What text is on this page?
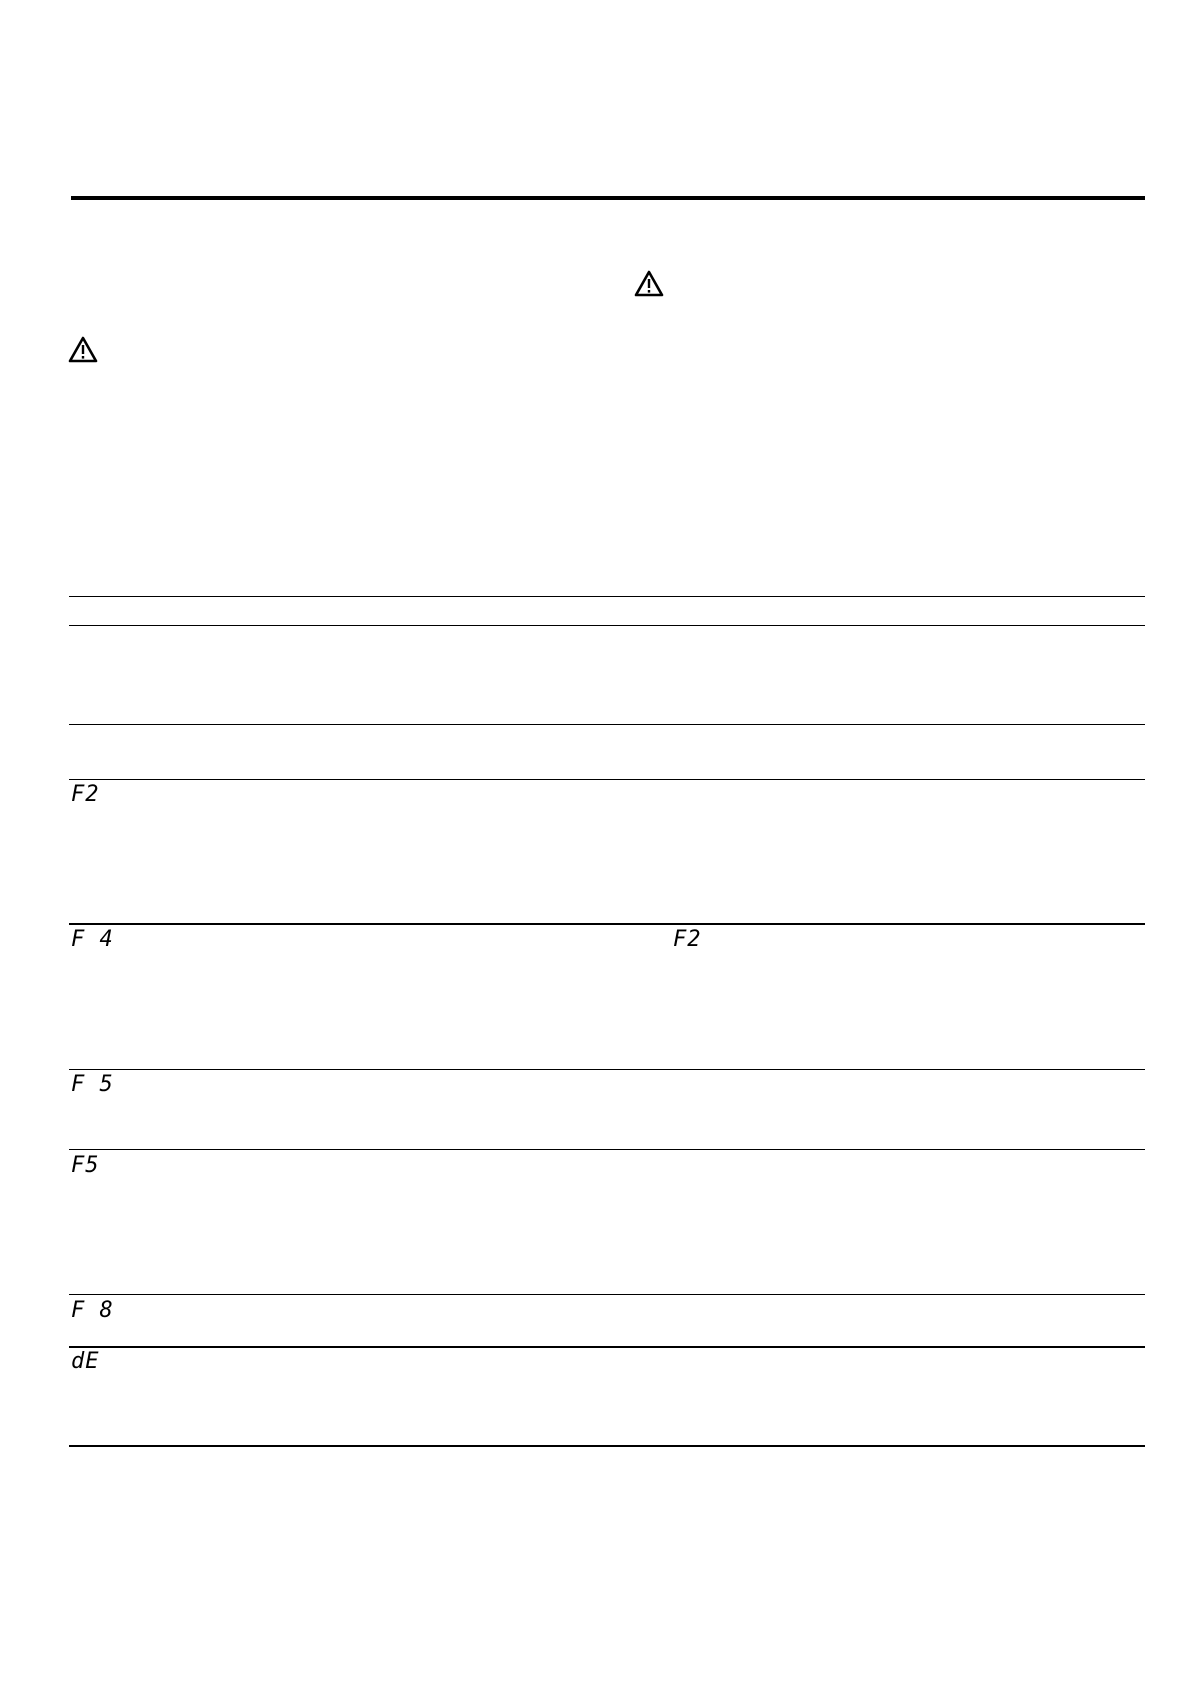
F2
F 4	F2
F 5
F5
F 8
dE
